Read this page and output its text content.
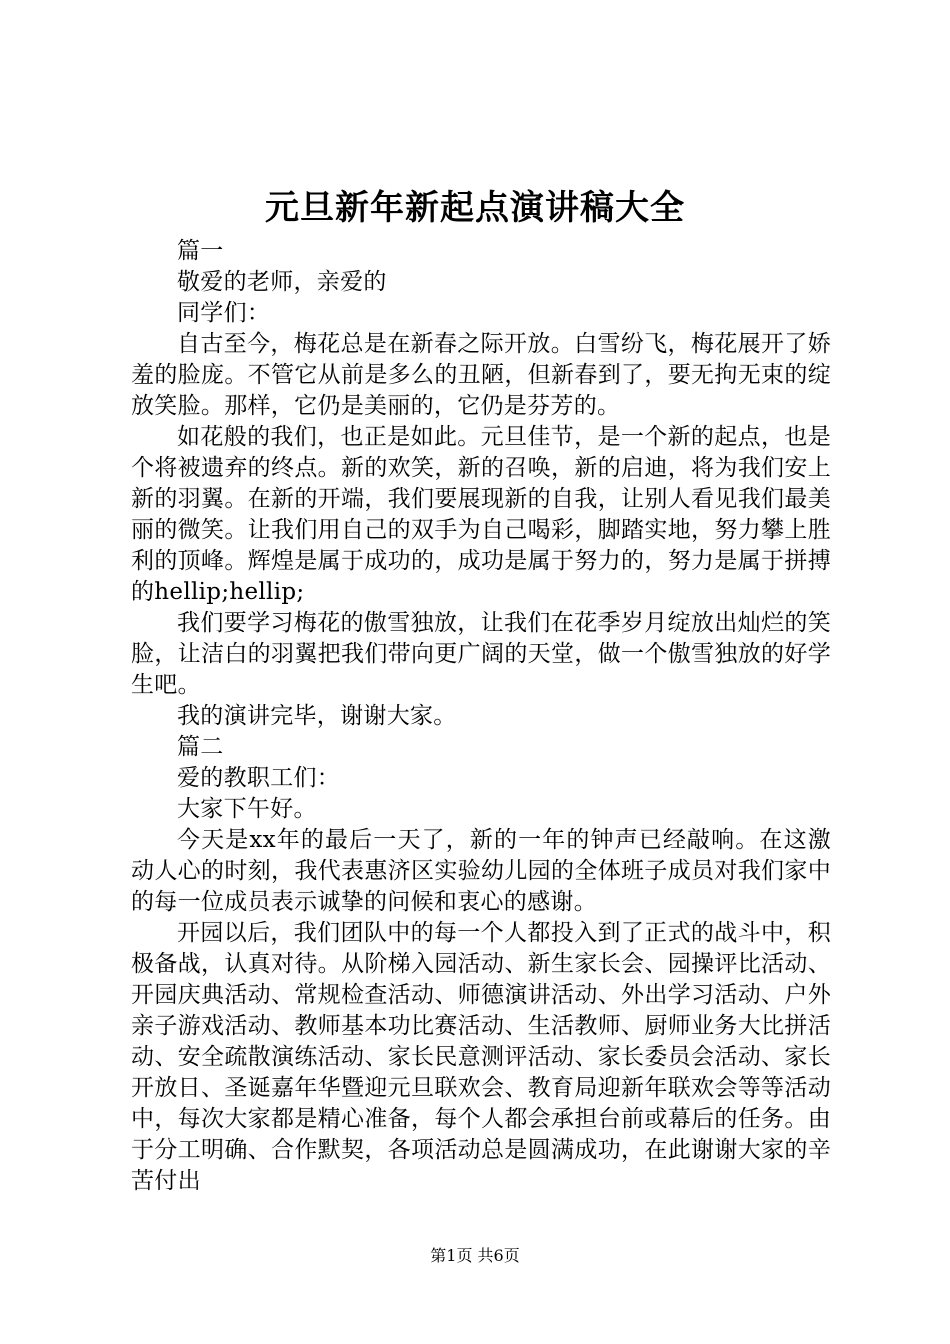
元旦新年新起点演讲稿大全

篇一

敬爱的老师，亲爱的

同学们：

自古至今，梅花总是在新春之际开放。白雪纷飞，梅花展开了娇羞的脸庞。不管它从前是多么的丑陋，但新春到了，要无拘无束的绽放笑脸。那样，它仍是美丽的，它仍是芬芳的。

如花般的我们，也正是如此。元旦佳节，是一个新的起点，也是个将被遗弃的终点。新的欢笑，新的召唤，新的启迪，将为我们安上新的羽翼。在新的开端，我们要展现新的自我，让别人看见我们最美丽的微笑。让我们用自己的双手为自己喝彩，脚踏实地，努力攀上胜利的顶峰。辉煌是属于成功的，成功是属于努力的，努力是属于拼搏的hellip;hellip;

我们要学习梅花的傲雪独放，让我们在花季岁月绽放出灿烂的笑脸，让洁白的羽翼把我们带向更广阔的天堂，做一个傲雪独放的好学生吧。

我的演讲完毕，谢谢大家。

篇二

爱的教职工们：

大家下午好。

今天是xx年的最后一天了，新的一年的钟声已经敲响。在这激动人心的时刻，我代表惠济区实验幼儿园的全体班子成员对我们家中的每一位成员表示诚挚的问候和衷心的感谢。

开园以后，我们团队中的每一个人都投入到了正式的战斗中，积极备战，认真对待。从阶梯入园活动、新生家长会、园操评比活动、开园庆典活动、常规检查活动、师德演讲活动、外出学习活动、户外亲子游戏活动、教师基本功比赛活动、生活教师、厨师业务大比拼活动、安全疏散演练活动、家长民意测评活动、家长委员会活动、家长开放日、圣诞嘉年华暨迎元旦联欢会、教育局迎新年联欢会等等活动中，每次大家都是精心准备，每个人都会承担台前或幕后的任务。由于分工明确、合作默契，各项活动总是圆满成功，在此谢谢大家的辛苦付出

第1页 共6页
